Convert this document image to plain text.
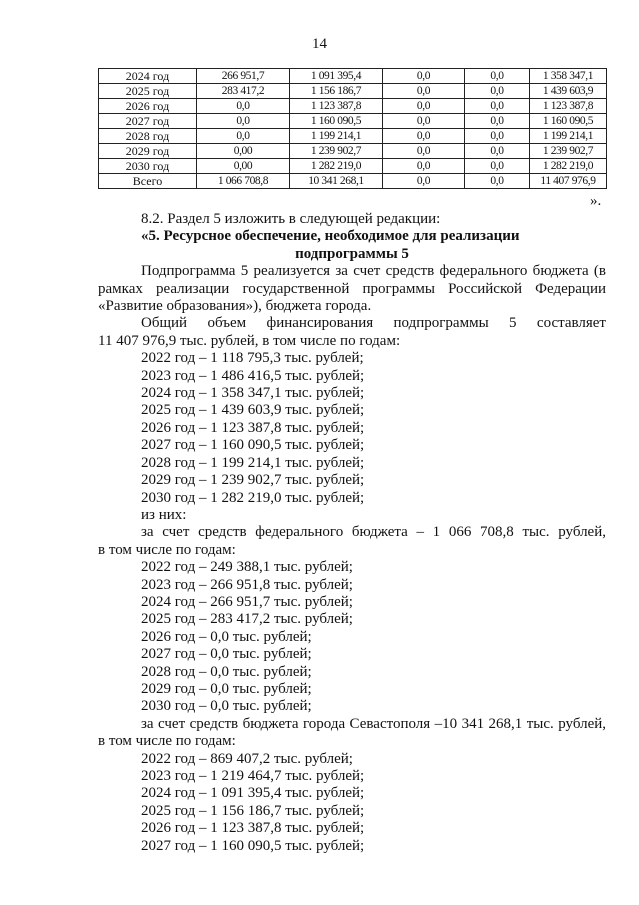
14
2024 год	266 951,7	1 091 395,4	0,0	0,0	1 358 347,1
2025 год	283 417,2	1 156 186,7	0,0	0,0	1 439 603,9
2026 год	0,0	1 123 387,8	0,0	0,0	1 123 387,8
2027 год	0,0	1 160 090,5	0,0	0,0	1 160 090,5
2028 год	0,0	1 199 214,1	0,0	0,0	1 199 214,1
2029 год	0,00	1 239 902,7	0,0	0,0	1 239 902,7
2030 год	0,00	1 282 219,0	0,0	0,0	1 282 219,0
Всего	1 066 708,8	10 341 268,1	0,0	0,0	11 407 976,9
».

8.2. Раздел 5 изложить в следующей редакции:

«5. Ресурсное обеспечение, необходимое для реализации

подпрограммы 5

Подпрограмма 5 реализуется за счет средств федерального бюджета (в рамках реализации государственной программы Российской Федерации «Развитие образования»), бюджета города.

Общий объем финансирования подпрограммы 5 составляет

11 407 976,9 тыс. рублей, в том числе по годам:

2022 год – 1 118 795,3 тыс. рублей;

2023 год – 1 486 416,5 тыс. рублей;

2024 год – 1 358 347,1 тыс. рублей;

2025 год – 1 439 603,9 тыс. рублей;

2026 год – 1 123 387,8 тыс. рублей;

2027 год – 1 160 090,5 тыс. рублей;

2028 год – 1 199 214,1 тыс. рублей;

2029 год – 1 239 902,7 тыс. рублей;

2030 год – 1 282 219,0 тыс. рублей;

из них:

за счет средств федерального бюджета – 1 066 708,8 тыс. рублей,

в том числе по годам:

2022 год – 249 388,1 тыс. рублей;

2023 год – 266 951,8 тыс. рублей;

2024 год – 266 951,7 тыс. рублей;

2025 год – 283 417,2 тыс. рублей;

2026 год – 0,0 тыс. рублей;

2027 год – 0,0 тыс. рублей;

2028 год – 0,0 тыс. рублей;

2029 год – 0,0 тыс. рублей;

2030 год – 0,0 тыс. рублей;

за счет средств бюджета города Севастополя –10 341 268,1 тыс. рублей,

в том числе по годам:

2022 год – 869 407,2 тыс. рублей;

2023 год – 1 219 464,7 тыс. рублей;

2024 год – 1 091 395,4 тыс. рублей;

2025 год – 1 156 186,7 тыс. рублей;

2026 год – 1 123 387,8 тыс. рублей;

2027 год – 1 160 090,5 тыс. рублей;
